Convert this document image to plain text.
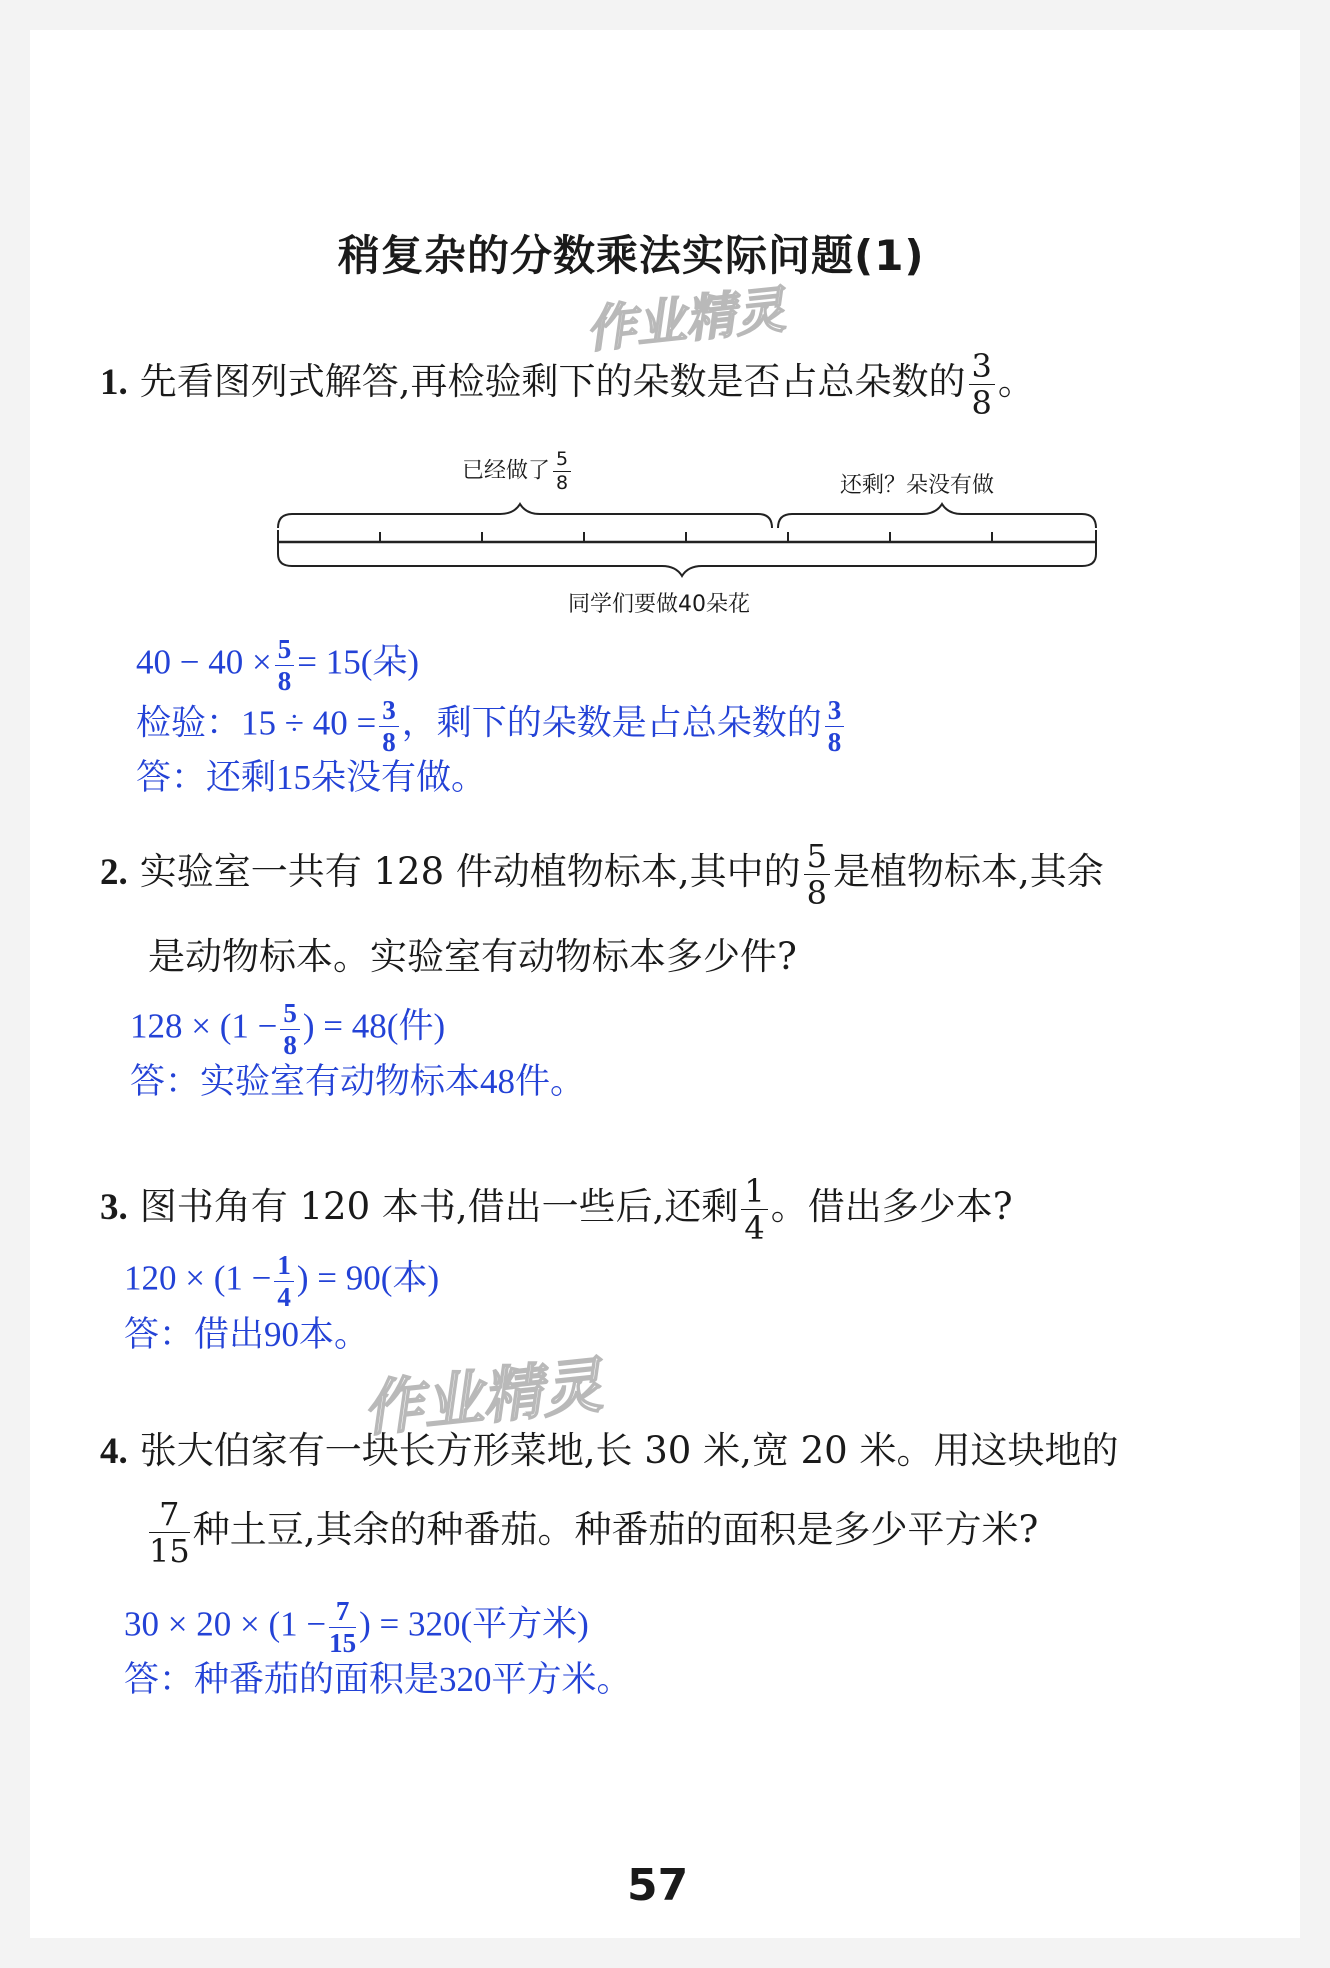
稍复杂的分数乘法实际问题(1)
作业精灵
作业精灵
1. 先看图列式解答,再检验剩下的朵数是否占总朵数的 $\frac{3}{8}$ 。
已经做了 $\frac{5}{8}$	还剩？朵没有做
同学们要做40朵花
$40 - 40 \times \frac{5}{8} = 15$(朵)
检验：$15 \div 40 = \frac{3}{8}$ ，剩下的朵数是占总朵数的 $\frac{3}{8}$
答：还剩15朵没有做。
2. 实验室一共有 128 件动植物标本,其中的 $\frac{5}{8}$ 是植物标本,其余
是动物标本。实验室有动物标本多少件?
$128 \times (1 - \frac{5}{8}$ ) = 48(件)
答：实验室有动物标本48件。
3. 图书角有 120 本书,借出一些后,还剩 $\frac{1}{4}$ 。借出多少本?
$120 \times (1 - \frac{1}{4}$ ) = 90(本)
答：借出90本。
4. 张大伯家有一块长方形菜地,长 30 米,宽 20 米。用这块地的
$\frac{7}{15}$ 种土豆,其余的种番茄。种番茄的面积是多少平方米?
$30 \times 20 \times (1 - \frac{7}{15}$ ) = 320(平方米)
答：种番茄的面积是320平方米。
57
